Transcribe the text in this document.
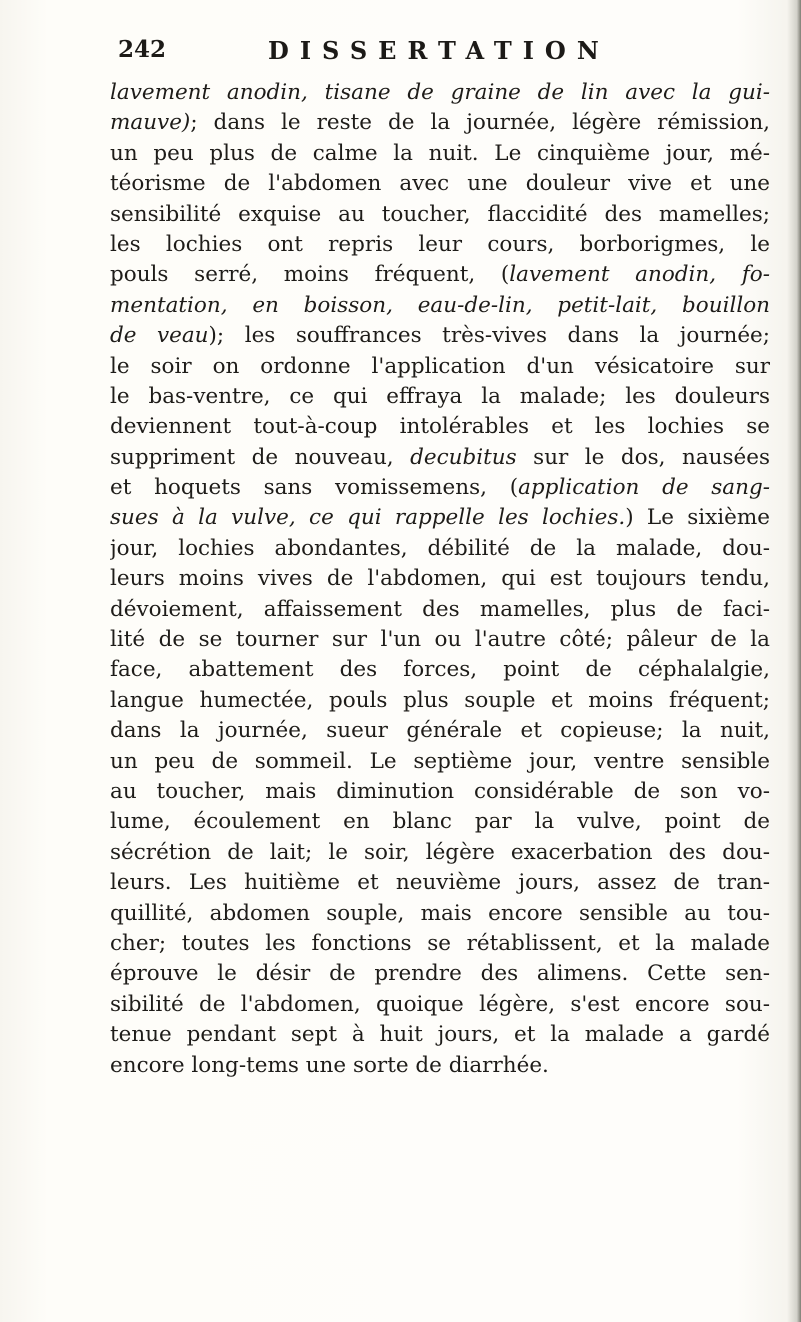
242	DISSERTATION
lavement anodin, tisane de graine de lin avec la gui-
mauve); dans le reste de la journée, légère rémission,
un peu plus de calme la nuit. Le cinquième jour, mé-
téorisme de l'abdomen avec une douleur vive et une
sensibilité exquise au toucher, flaccidité des mamelles;
les lochies ont repris leur cours, borborigmes, le
pouls serré, moins fréquent, (lavement anodin, fo-
mentation, en boisson, eau-de-lin, petit-lait, bouillon
de veau); les souffrances très-vives dans la journée;
le soir on ordonne l'application d'un vésicatoire sur
le bas-ventre, ce qui effraya la malade; les douleurs
deviennent tout-à-coup intolérables et les lochies se
suppriment de nouveau, decubitus sur le dos, nausées
et hoquets sans vomissemens, (application de sang-
sues à la vulve, ce qui rappelle les lochies.) Le sixième
jour, lochies abondantes, débilité de la malade, dou-
leurs moins vives de l'abdomen, qui est toujours tendu,
dévoiement, affaissement des mamelles, plus de faci-
lité de se tourner sur l'un ou l'autre côté; pâleur de la
face, abattement des forces, point de céphalalgie,
langue humectée, pouls plus souple et moins fréquent;
dans la journée, sueur générale et copieuse; la nuit,
un peu de sommeil. Le septième jour, ventre sensible
au toucher, mais diminution considérable de son vo-
lume, écoulement en blanc par la vulve, point de
sécrétion de lait; le soir, légère exacerbation des dou-
leurs. Les huitième et neuvième jours, assez de tran-
quillité, abdomen souple, mais encore sensible au tou-
cher; toutes les fonctions se rétablissent, et la malade
éprouve le désir de prendre des alimens. Cette sen-
sibilité de l'abdomen, quoique légère, s'est encore sou-
tenue pendant sept à huit jours, et la malade a gardé
encore long-tems une sorte de diarrhée.
